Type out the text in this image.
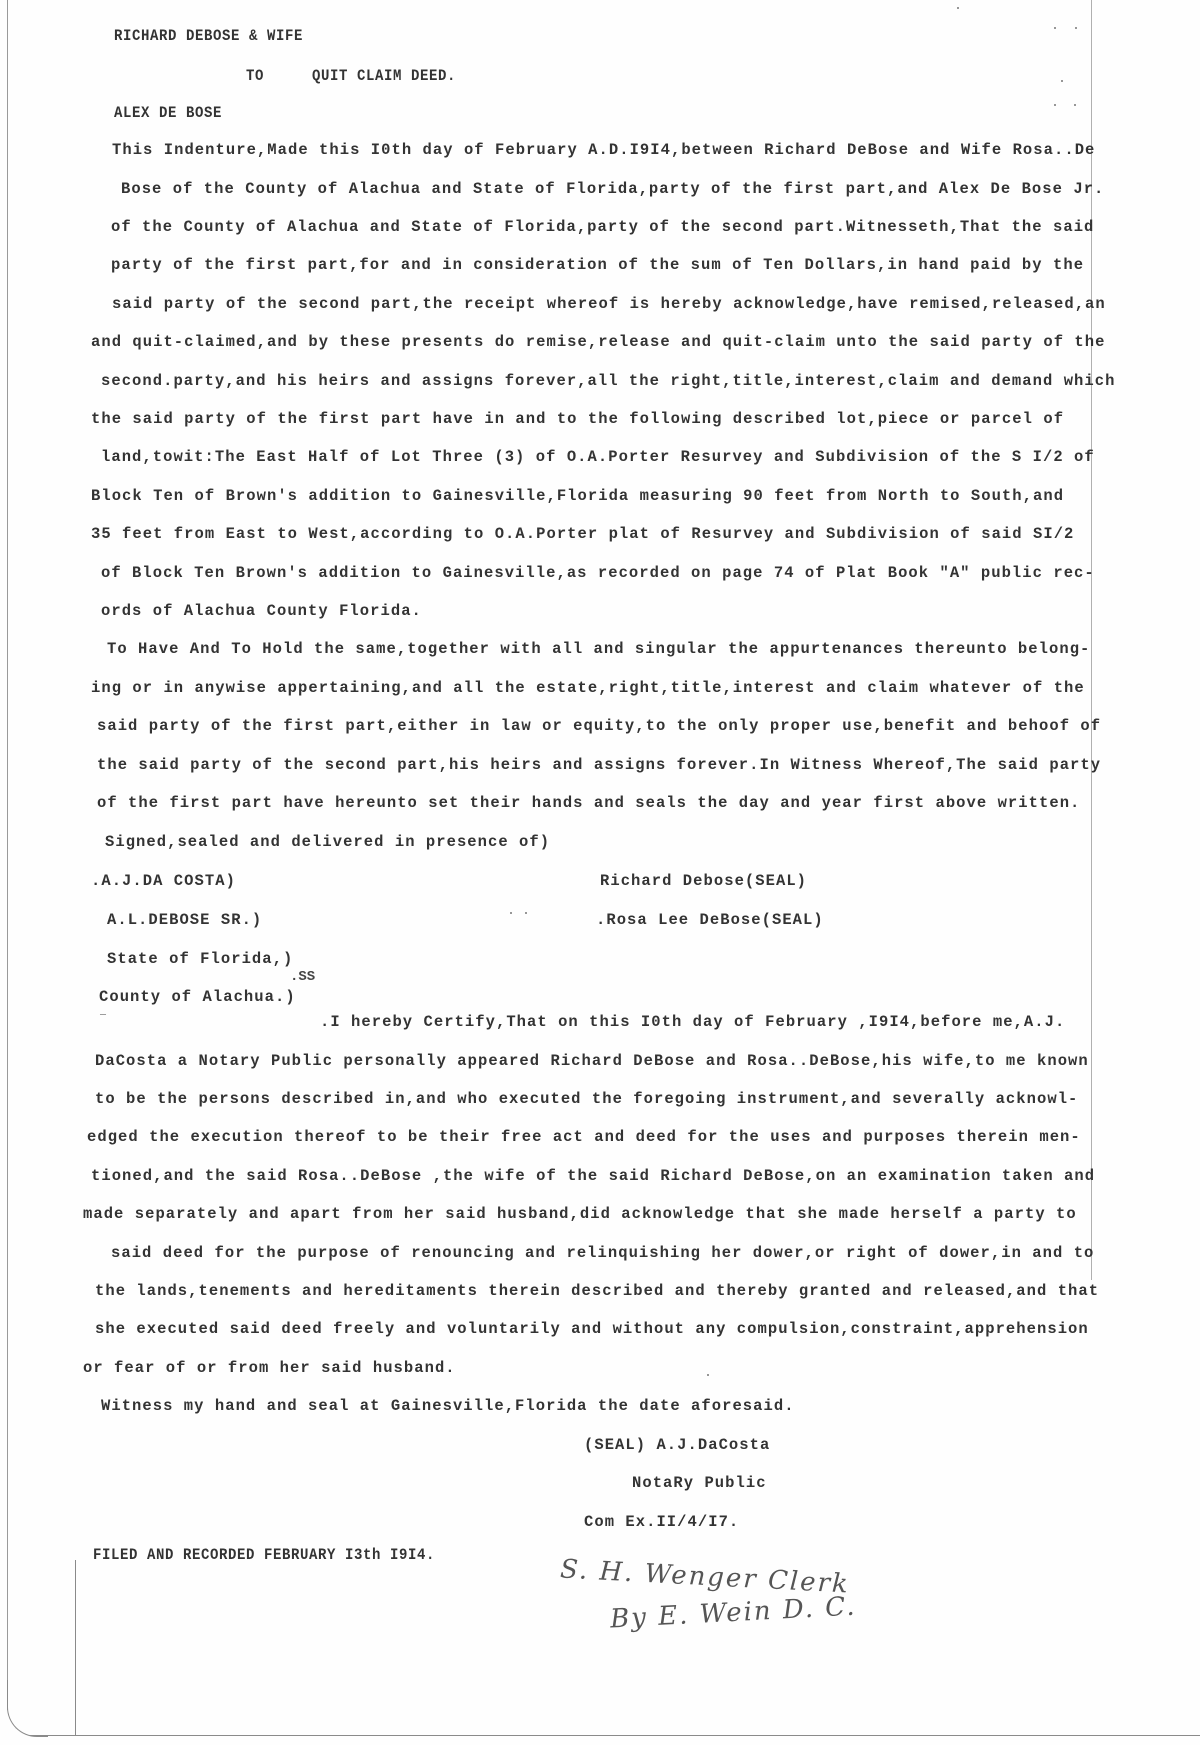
RICHARD DEBOSE & WIFE
TO	QUIT CLAIM DEED.
ALEX DE BOSE
This Indenture,Made this I0th day of February A.D.I9I4,between Richard DeBose and Wife Rosa..De
Bose of the County of Alachua and State of Florida,party of the first part,and Alex De Bose Jr.
of the County of Alachua and State of Florida,party of the second part.Witnesseth,That the said
party of the first part,for and in consideration of the sum of Ten Dollars,in hand paid by the
said party of the second part,the receipt whereof is hereby acknowledge,have remised,released,an
and quit-claimed,and by these presents do remise,release and quit-claim unto the said party of the
second.party,and his heirs and assigns forever,all the right,title,interest,claim and demand which
the said party of the first part have in and to the following described lot,piece or parcel of
land,towit:The East Half of Lot Three (3) of O.A.Porter Resurvey and Subdivision of the S I/2 of
Block Ten of Brown's addition to Gainesville,Florida measuring 90 feet from North to South,and
35 feet from East to West,according to O.A.Porter plat of Resurvey and Subdivision of said SI/2
of Block Ten Brown's addition to Gainesville,as recorded on page 74 of Plat Book "A" public rec-
ords of Alachua County Florida.
To Have And To Hold the same,together with all and singular the appurtenances thereunto belong-
ing or in anywise appertaining,and all the estate,right,title,interest and claim whatever of the
said party of the first part,either in law or equity,to the only proper use,benefit and behoof of
the said party of the second part,his heirs and assigns forever.In Witness Whereof,The said party
of the first part have hereunto set their hands and seals the day and year first above written.
Signed,sealed and delivered in presence of)
.A.J.DA COSTA)
A.L.DEBOSE SR.)
Richard Debose(SEAL)
.Rosa Lee DeBose(SEAL)
State of Florida,)
.SS
County of Alachua.)
_
.I hereby Certify,That on this I0th day of February ,I9I4,before me,A.J.
DaCosta a Notary Public personally appeared Richard DeBose and Rosa..DeBose,his wife,to me known
to be the persons described in,and who executed the foregoing instrument,and severally acknowl-
edged the execution thereof to be their free act and deed for the uses and purposes therein men-
tioned,and the said Rosa..DeBose ,the wife of the said Richard DeBose,on an examination taken and
made separately and apart from her said husband,did acknowledge that she made herself a party to
said deed for the purpose of renouncing and relinquishing her dower,or right of dower,in and to
the lands,tenements and hereditaments therein described and thereby granted and released,and that
she executed said deed freely and voluntarily and without any compulsion,constraint,apprehension
or fear of or from her said husband.
Witness my hand and seal at Gainesville,Florida the date aforesaid.
(SEAL) A.J.DaCosta
NotaRy Public
Com Ex.II/4/I7.
FILED AND RECORDED FEBRUARY I3th I9I4.	S. H. Wenger Clerk
By E. Wein D. C.
